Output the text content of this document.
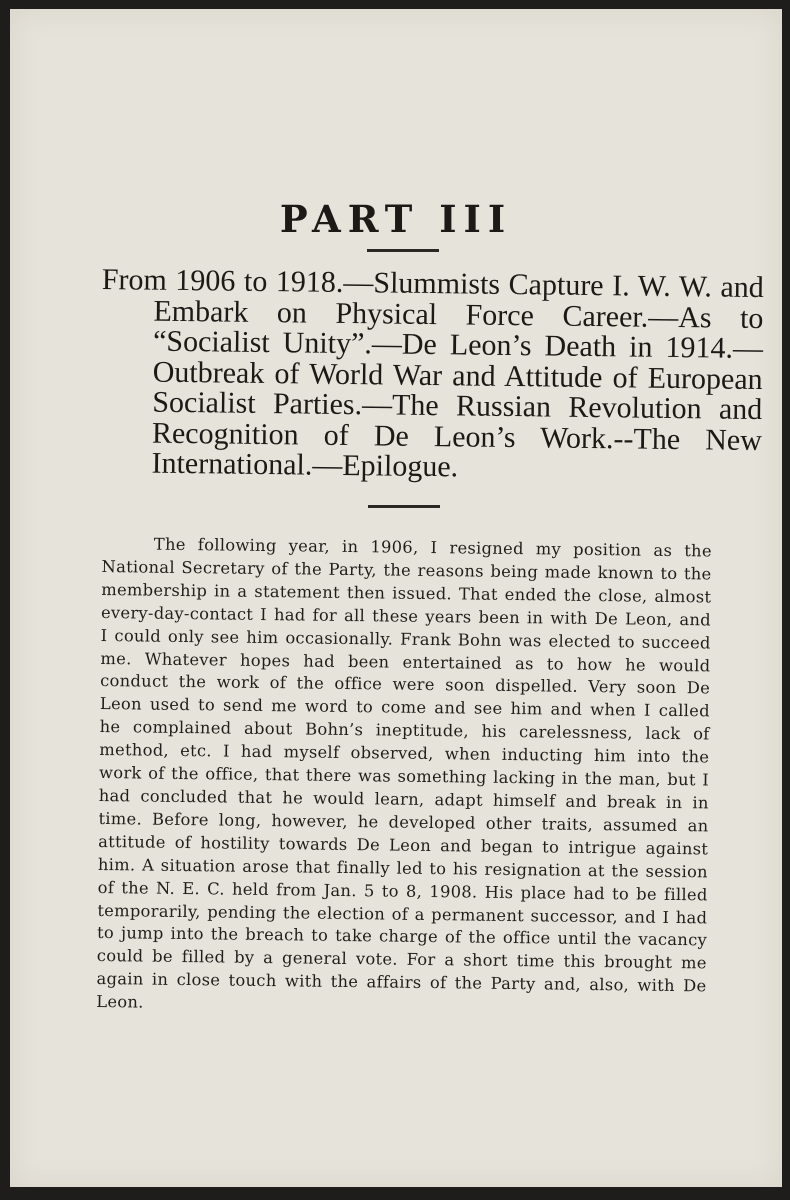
PART III
From 1906 to 1918.—Slummists Capture I. W. W. and Embark on Physical Force Career.—As to “Socialist Unity”.—De Leon’s Death in 1914.—Outbreak of World War and Attitude of European Socialist Parties.—The Russian Revolution and Recognition of De Leon’s Work.--The New International.—Epilogue.

The following year, in 1906, I resigned my position as the National Secretary of the Party, the reasons being made known to the membership in a statement then issued. That ended the close, almost every-day-contact I had for all these years been in with De Leon, and I could only see him occasionally. Frank Bohn was elected to succeed me. Whatever hopes had been entertained as to how he would conduct the work of the office were soon dispelled. Very soon De Leon used to send me word to come and see him and when I called he complained about Bohn’s ineptitude, his carelessness, lack of method, etc. I had myself observed, when inducting him into the work of the office, that there was something lacking in the man, but I had concluded that he would learn, adapt himself and break in in time. Before long, however, he developed other traits, assumed an attitude of hostility towards De Leon and began to intrigue against him. A situation arose that finally led to his resignation at the session of the N. E. C. held from Jan. 5 to 8, 1908. His place had to be filled temporarily, pending the election of a permanent successor, and I had to jump into the breach to take charge of the office until the vacancy could be filled by a general vote. For a short time this brought me again in close touch with the affairs of the Party and, also, with De Leon.
